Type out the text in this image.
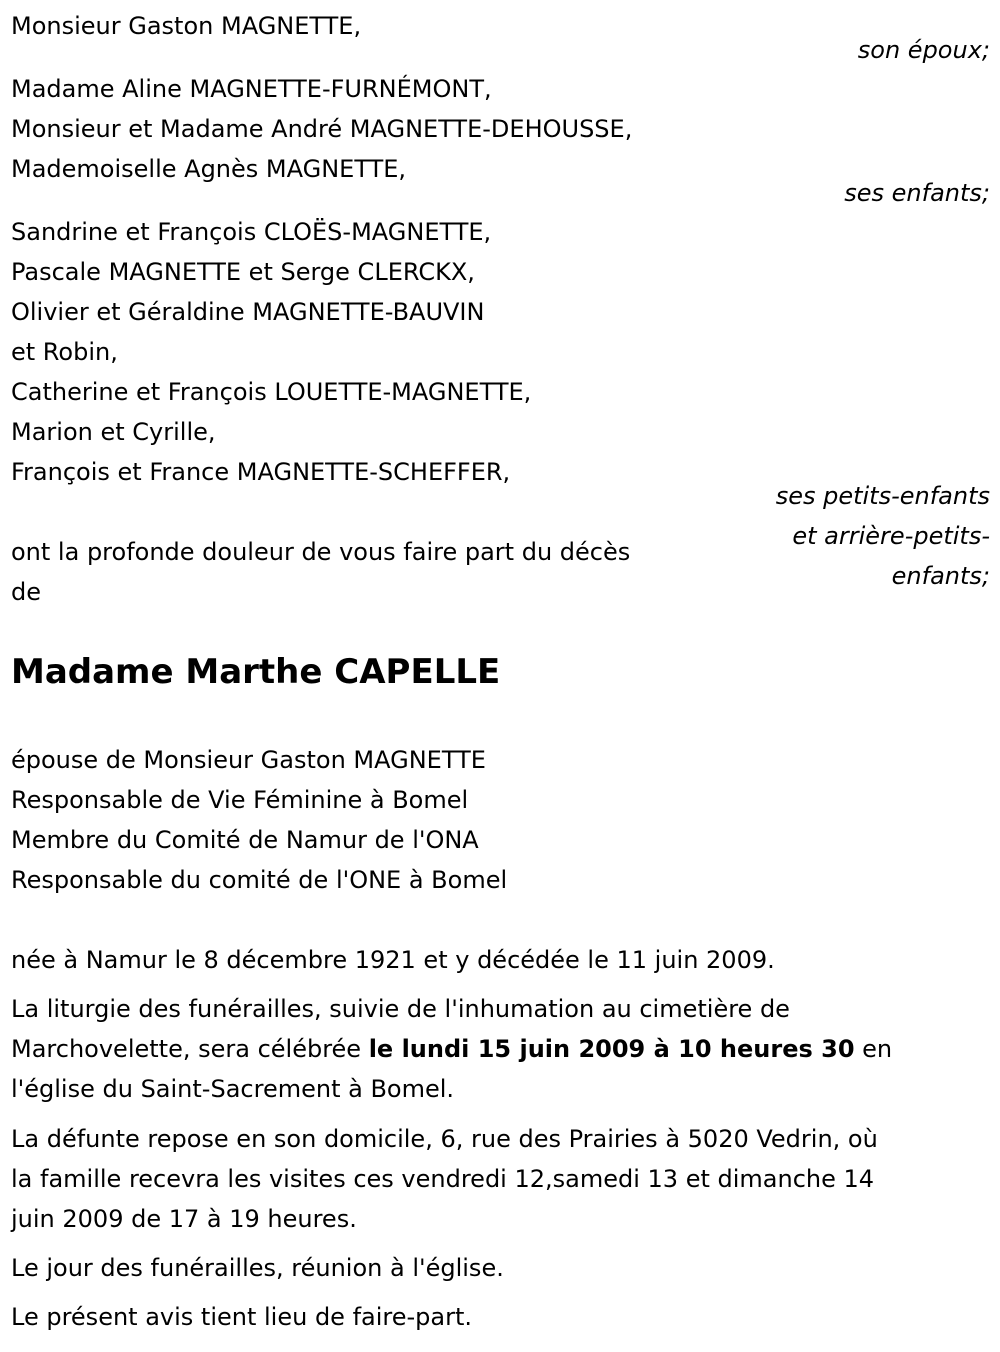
Monsieur Gaston MAGNETTE,
son époux;
Madame Aline MAGNETTE-FURNÉMONT,
Monsieur et Madame André MAGNETTE-DEHOUSSE,
Mademoiselle Agnès MAGNETTE,
ses enfants;
Sandrine et François CLOËS-MAGNETTE,
Pascale MAGNETTE et Serge CLERCKX,
Olivier et Géraldine MAGNETTE-BAUVIN
et Robin,
Catherine et François LOUETTE-MAGNETTE,
Marion et Cyrille,
François et France MAGNETTE-SCHEFFER,
ses petits-enfants
et arrière-petits-
enfants;
ont la profonde douleur de vous faire part du décès
de
Madame Marthe CAPELLE
épouse de Monsieur Gaston MAGNETTE
Responsable de Vie Féminine à Bomel
Membre du Comité de Namur de l'ONA
Responsable du comité de l'ONE à Bomel
née à Namur le 8 décembre 1921 et y décédée le 11 juin 2009.
La liturgie des funérailles, suivie de l'inhumation au cimetière de
Marchovelette, sera célébrée le lundi 15 juin 2009 à 10 heures 30 en
l'église du Saint-Sacrement à Bomel.
La défunte repose en son domicile, 6, rue des Prairies à 5020 Vedrin, où
la famille recevra les visites ces vendredi 12,samedi 13 et dimanche 14
juin 2009 de 17 à 19 heures.
Le jour des funérailles, réunion à l'église.
Le présent avis tient lieu de faire-part.
